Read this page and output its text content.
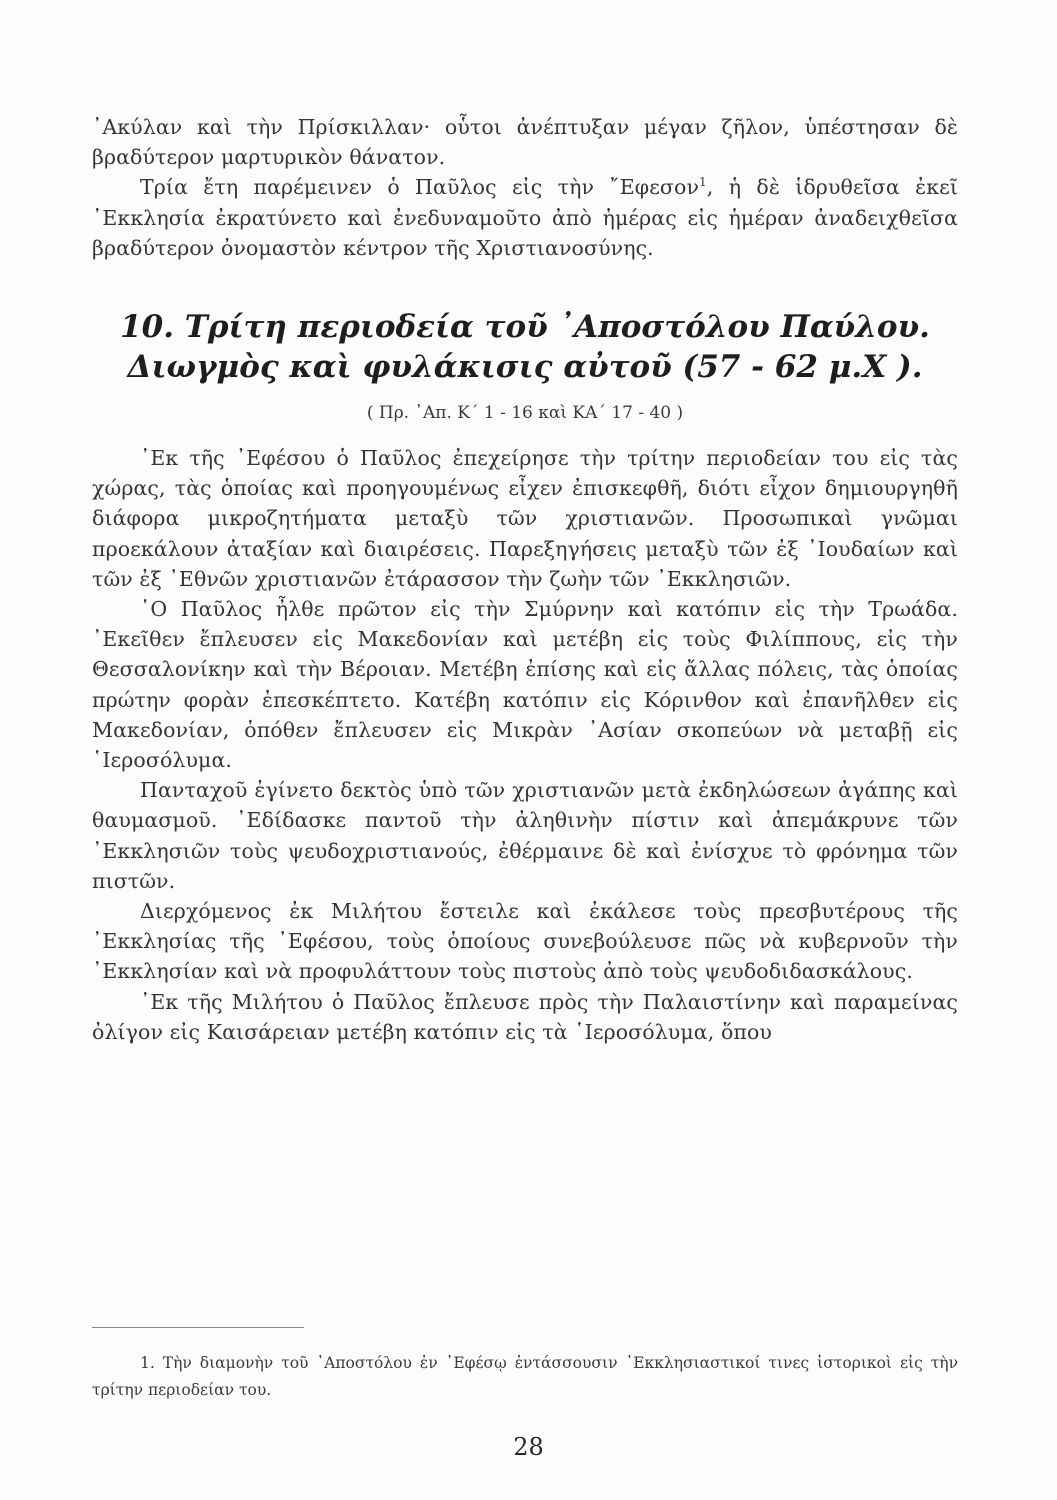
᾿Ακύλαν καὶ τὴν Πρίσκιλλαν· οὗτοι ἀνέπτυξαν μέγαν ζῆλον, ὑπέστησαν δὲ βραδύτερον μαρτυρικὸν θάνατον.

Τρία ἔτη παρέμεινεν ὁ Παῦλος εἰς τὴν ῎Εφεσον$^1$, ἡ δὲ ἱδρυθεῖσα ἐκεῖ ᾿Εκκλησία ἐκρατύνετο καὶ ἐνεδυναμοῦτο ἀπὸ ἡμέρας εἰς ἡμέραν ἀναδειχθεῖσα βραδύτερον ὀνομαστὸν κέντρον τῆς Χριστιανοσύνης.

10. Τρίτη περιοδεία τοῦ ᾿Αποστόλου Παύλου.
Διωγμὸς καὶ φυλάκισις αὐτοῦ (57 - 62 μ.Χ ).
( Πρ. ᾿Απ. Κ΄ 1 - 16 καὶ ΚΑ΄ 17 - 40 )

᾿Εκ τῆς ᾿Εφέσου ὁ Παῦλος ἐπεχείρησε τὴν τρίτην περιοδείαν του εἰς τὰς χώρας, τὰς ὁποίας καὶ προηγουμένως εἶχεν ἐπισκεφθῆ, διότι εἶχον δημιουργηθῆ διάφορα μικροζητήματα μεταξὺ τῶν χριστιανῶν. Προσωπικαὶ γνῶμαι προεκάλουν ἀταξίαν καὶ διαιρέσεις. Παρεξηγήσεις μεταξὺ τῶν ἐξ ᾿Ιουδαίων καὶ τῶν ἐξ ᾿Εθνῶν χριστιανῶν ἐτάρασσον τὴν ζωὴν τῶν ᾿Εκκλησιῶν.

῾Ο Παῦλος ἦλθε πρῶτον εἰς τὴν Σμύρνην καὶ κατόπιν εἰς τὴν Τρωάδα. ᾿Εκεῖθεν ἔπλευσεν εἰς Μακεδονίαν καὶ μετέβη εἰς τοὺς Φιλίππους, εἰς τὴν Θεσσαλονίκην καὶ τὴν Βέροιαν. Μετέβη ἐπίσης καὶ εἰς ἄλλας πόλεις, τὰς ὁποίας πρώτην φορὰν ἐπεσκέπτετο. Κατέβη κατόπιν εἰς Κόρινθον καὶ ἐπανῆλθεν εἰς Μακεδονίαν, ὁπόθεν ἔπλευσεν εἰς Μικρὰν ᾿Ασίαν σκοπεύων νὰ μεταβῇ εἰς ῾Ιεροσόλυμα.

Πανταχοῦ ἐγίνετο δεκτὸς ὑπὸ τῶν χριστιανῶν μετὰ ἐκδηλώσεων ἀγάπης καὶ θαυμασμοῦ. ᾿Εδίδασκε παντοῦ τὴν ἀληθινὴν πίστιν καὶ ἀπεμάκρυνε τῶν ᾿Εκκλησιῶν τοὺς ψευδοχριστιανούς, ἐθέρμαινε δὲ καὶ ἐνίσχυε τὸ φρόνημα τῶν πιστῶν.

Διερχόμενος ἐκ Μιλήτου ἔστειλε καὶ ἐκάλεσε τοὺς πρεσβυτέρους τῆς ᾿Εκκλησίας τῆς ᾿Εφέσου, τοὺς ὁποίους συνεβούλευσε πῶς νὰ κυβερνοῦν τὴν ᾿Εκκλησίαν καὶ νὰ προφυλάττουν τοὺς πιστοὺς ἀπὸ τοὺς ψευδοδιδασκάλους.

᾿Εκ τῆς Μιλήτου ὁ Παῦλος ἔπλευσε πρὸς τὴν Παλαιστίνην καὶ παραμείνας ὀλίγον εἰς Καισάρειαν μετέβη κατόπιν εἰς τὰ ῾Ιεροσόλυμα, ὅπου

1. Τὴν διαμονὴν τοῦ ᾿Αποστόλου ἐν ᾿Εφέσῳ ἐντάσσουσιν ᾿Εκκλησιαστικοί τινες ἱστορικοὶ εἰς τὴν τρίτην περιοδείαν του.

28
